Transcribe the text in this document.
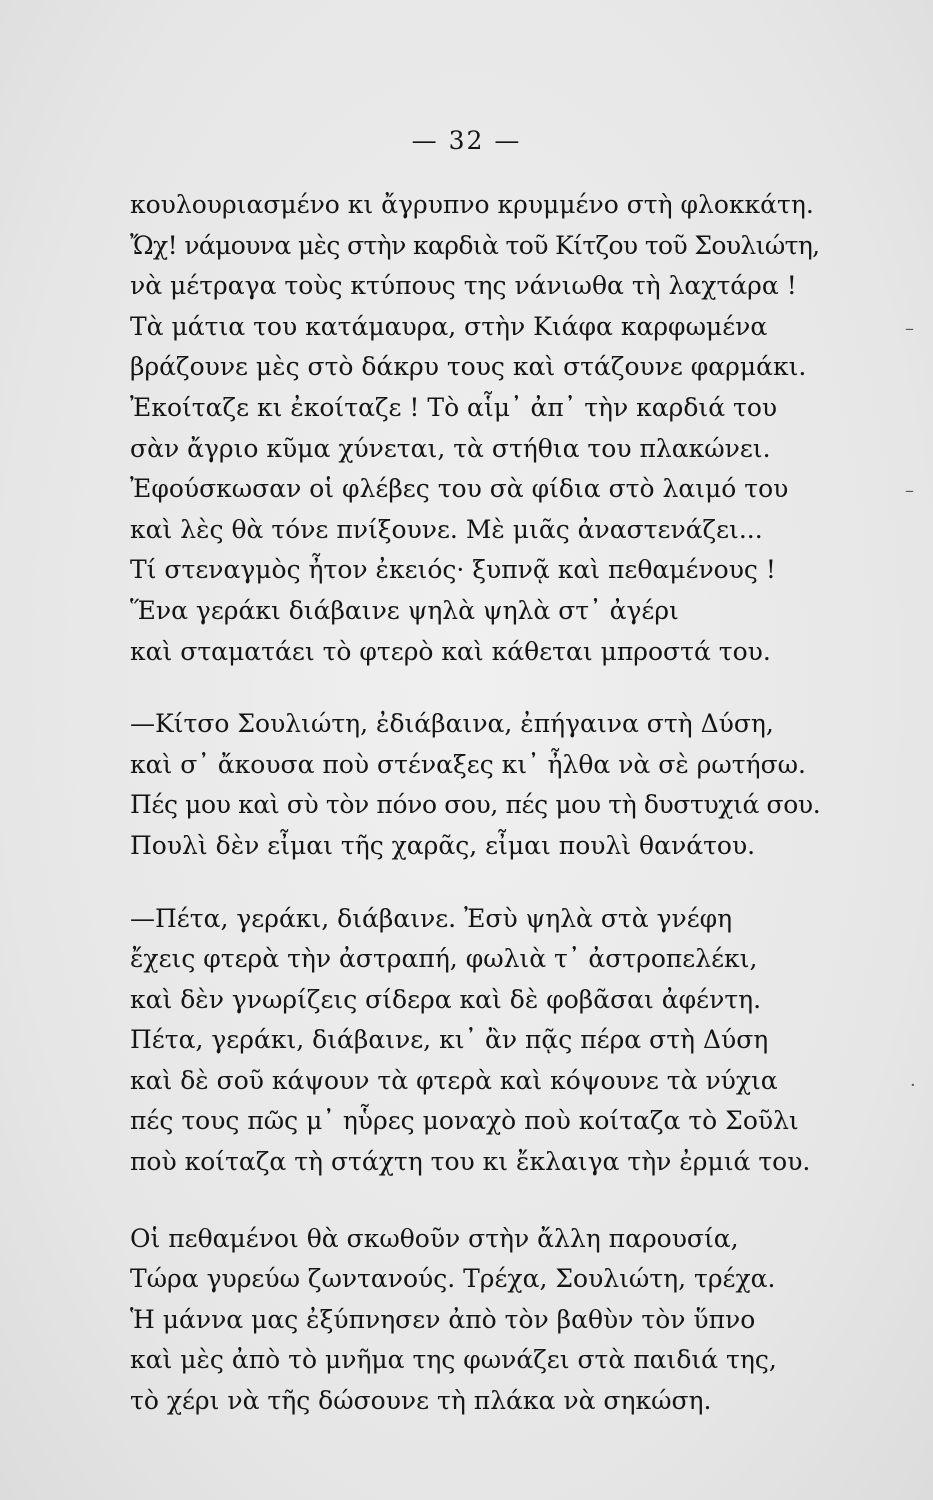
— 32 —
κουλουριασμένο κι ἄγρυπνο κρυμμένο στὴ φλοκκάτη.
Ὤχ! νάμουνα μὲς στὴν καρδιὰ τοῦ Κίτζου τοῦ Σουλιώτη,
νὰ μέτραγα τοὺς κτύπους της νάνιωθα τὴ λαχτάρα !
Τὰ μάτια του κατάμαυρα, στὴν Κιάφα καρφωμένα
βράζουνε μὲς στὸ δάκρυ τους καὶ στάζουνε φαρμάκι.
Ἐκοίταζε κι ἐκοίταζε ! Τὸ αἷμ᾽ ἀπ᾽ τὴν καρδιά του
σὰν ἄγριο κῦμα χύνεται, τὰ στήθια του πλακώνει.
Ἐφούσκωσαν οἱ φλέβες του σὰ φίδια στὸ λαιμό του
καὶ λὲς θὰ τόνε πνίξουνε. Μὲ μιᾶς ἀναστενάζει...
Τί στεναγμὸς ἦτον ἐκειός· ξυπνᾷ καὶ πεθαμένους !
Ἕνα γεράκι διάβαινε ψηλὰ ψηλὰ στ᾽ ἀγέρι
καὶ σταματάει τὸ φτερὸ καὶ κάθεται μπροστά του.
—Κίτσο Σουλιώτη, ἐδιάβαινα, ἐπήγαινα στὴ Δύση,
καὶ σ᾽ ἄκουσα ποὺ στέναξες κι᾽ ἦλθα νὰ σὲ ρωτήσω.
Πές μου καὶ σὺ τὸν πόνο σου, πές μου τὴ δυστυχιά σου.
Πουλὶ δὲν εἶμαι τῆς χαρᾶς, εἶμαι πουλὶ θανάτου.
—Πέτα, γεράκι, διάβαινε. Ἐσὺ ψηλὰ στὰ γνέφη
ἔχεις φτερὰ τὴν ἀστραπή, φωλιὰ τ᾽ ἀστροπελέκι,
καὶ δὲν γνωρίζεις σίδερα καὶ δὲ φοβᾶσαι ἀφέντη.
Πέτα, γεράκι, διάβαινε, κι᾽ ἂν πᾷς πέρα στὴ Δύση
καὶ δὲ σοῦ κάψουν τὰ φτερὰ καὶ κόψουνε τὰ νύχια
πές τους πῶς μ᾽ ηὗρες μοναχὸ ποὺ κοίταζα τὸ Σοῦλι
ποὺ κοίταζα τὴ στάχτη του κι ἔκλαιγα τὴν ἐρμιά του.
Οἱ πεθαμένοι θὰ σκωθοῦν στὴν ἄλλη παρουσία,
Τώρα γυρεύω ζωντανούς. Τρέχα, Σουλιώτη, τρέχα.
Ἡ μάννα μας ἐξύπνησεν ἀπὸ τὸν βαθὺν τὸν ὕπνο
καὶ μὲς ἀπὸ τὸ μνῆμα της φωνάζει στὰ παιδιά της,
τὸ χέρι νὰ τῆς δώσουνε τὴ πλάκα νὰ σηκώση.
–
–
·
